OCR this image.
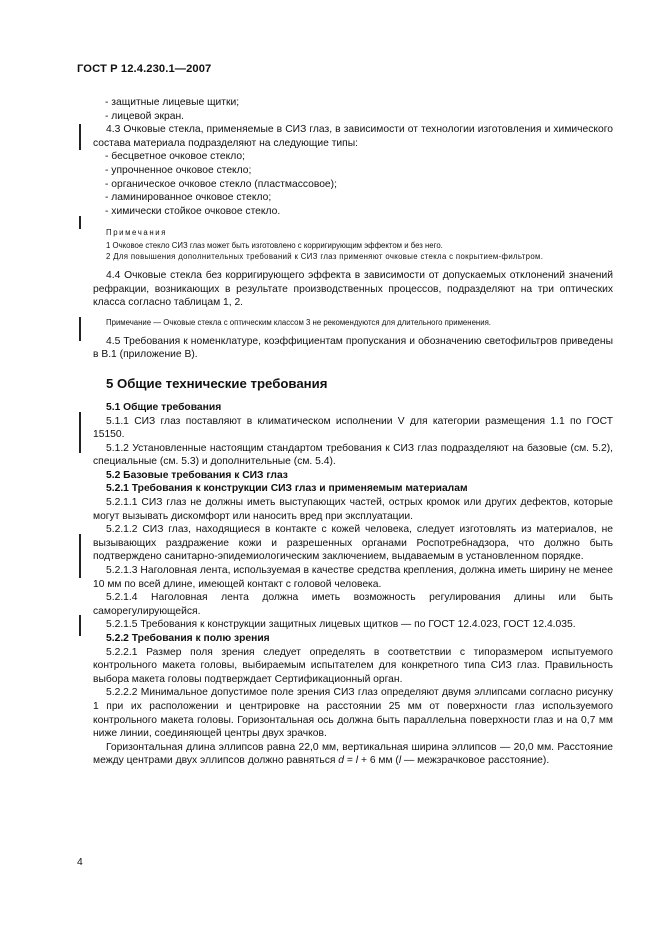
ГОСТ Р 12.4.230.1—2007

- защитные лицевые щитки;

- лицевой экран.

4.3 Очковые стекла, применяемые в СИЗ глаз, в зависимости от технологии изготовления и химического состава материала подразделяют на следующие типы:

- бесцветное очковое стекло;

- упрочненное очковое стекло;

- органическое очковое стекло (пластмассовое);

- ламинированное очковое стекло;

- химически стойкое очковое стекло.

Примечания

1 Очковое стекло СИЗ глаз может быть изготовлено с корригирующим эффектом и без него.

2 Для повышения дополнительных требований к СИЗ глаз применяют очковые стекла с покрытием-фильтром.

4.4 Очковые стекла без корригирующего эффекта в зависимости от допускаемых отклонений значений рефракции, возникающих в результате производственных процессов, подразделяют на три оптических класса согласно таблицам 1, 2.

Примечание — Очковые стекла с оптическим классом 3 не рекомендуются для длительного применения.

4.5 Требования к номенклатуре, коэффициентам пропускания и обозначению светофильтров приведены в В.1 (приложение В).

5 Общие технические требования

5.1 Общие требования

5.1.1 СИЗ глаз поставляют в климатическом исполнении V для категории размещения 1.1 по ГОСТ 15150.

5.1.2 Установленные настоящим стандартом требования к СИЗ глаз подразделяют на базовые (см. 5.2), специальные (см. 5.3) и дополнительные (см. 5.4).

5.2 Базовые требования к СИЗ глаз

5.2.1 Требования к конструкции СИЗ глаз и применяемым материалам

5.2.1.1 СИЗ глаз не должны иметь выступающих частей, острых кромок или других дефектов, которые могут вызывать дискомфорт или наносить вред при эксплуатации.

5.2.1.2 СИЗ глаз, находящиеся в контакте с кожей человека, следует изготовлять из материалов, не вызывающих раздражение кожи и разрешенных органами Роспотребнадзора, что должно быть подтверждено санитарно-эпидемиологическим заключением, выдаваемым в установленном порядке.

5.2.1.3 Наголовная лента, используемая в качестве средства крепления, должна иметь ширину не менее 10 мм по всей длине, имеющей контакт с головой человека.

5.2.1.4 Наголовная лента должна иметь возможность регулирования длины или быть саморегулирующейся.

5.2.1.5 Требования к конструкции защитных лицевых щитков — по ГОСТ 12.4.023, ГОСТ 12.4.035.

5.2.2 Требования к полю зрения

5.2.2.1 Размер поля зрения следует определять в соответствии с типоразмером испытуемого контрольного макета головы, выбираемым испытателем для конкретного типа СИЗ глаз. Правильность выбора макета головы подтверждает Сертификационный орган.

5.2.2.2 Минимальное допустимое поле зрения СИЗ глаз определяют двумя эллипсами согласно рисунку 1 при их расположении и центрировке на расстоянии 25 мм от поверхности глаз используемого контрольного макета головы. Горизонтальная ось должна быть параллельна поверхности глаз и на 0,7 мм ниже линии, соединяющей центры двух зрачков.

Горизонтальная длина эллипсов равна 22,0 мм, вертикальная ширина эллипсов — 20,0 мм. Расстояние между центрами двух эллипсов должно равняться d = l + 6 мм (l — межзрачковое расстояние).

4
